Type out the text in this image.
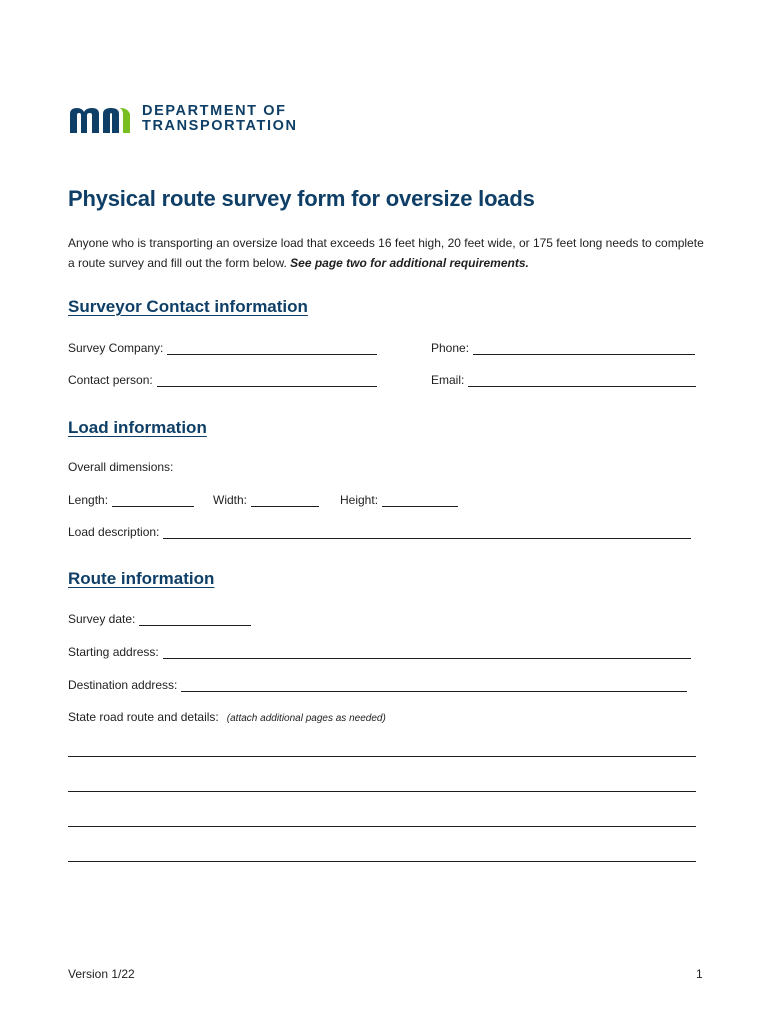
DEPARTMENT OF
TRANSPORTATION
Physical route survey form for oversize loads

Anyone who is transporting an oversize load that exceeds 16 feet high, 20 feet wide, or 175 feet long needs to complete a route survey and fill out the form below. See page two for additional requirements.

Surveyor Contact information
Survey Company:	Phone:
Contact person:	Email:
Load information
Overall dimensions:
Length:	Width:	Height:
Load description:
Route information
Survey date:
Starting address:
Destination address:
State road route and details: (attach additional pages as needed)
Version 1/22	1
